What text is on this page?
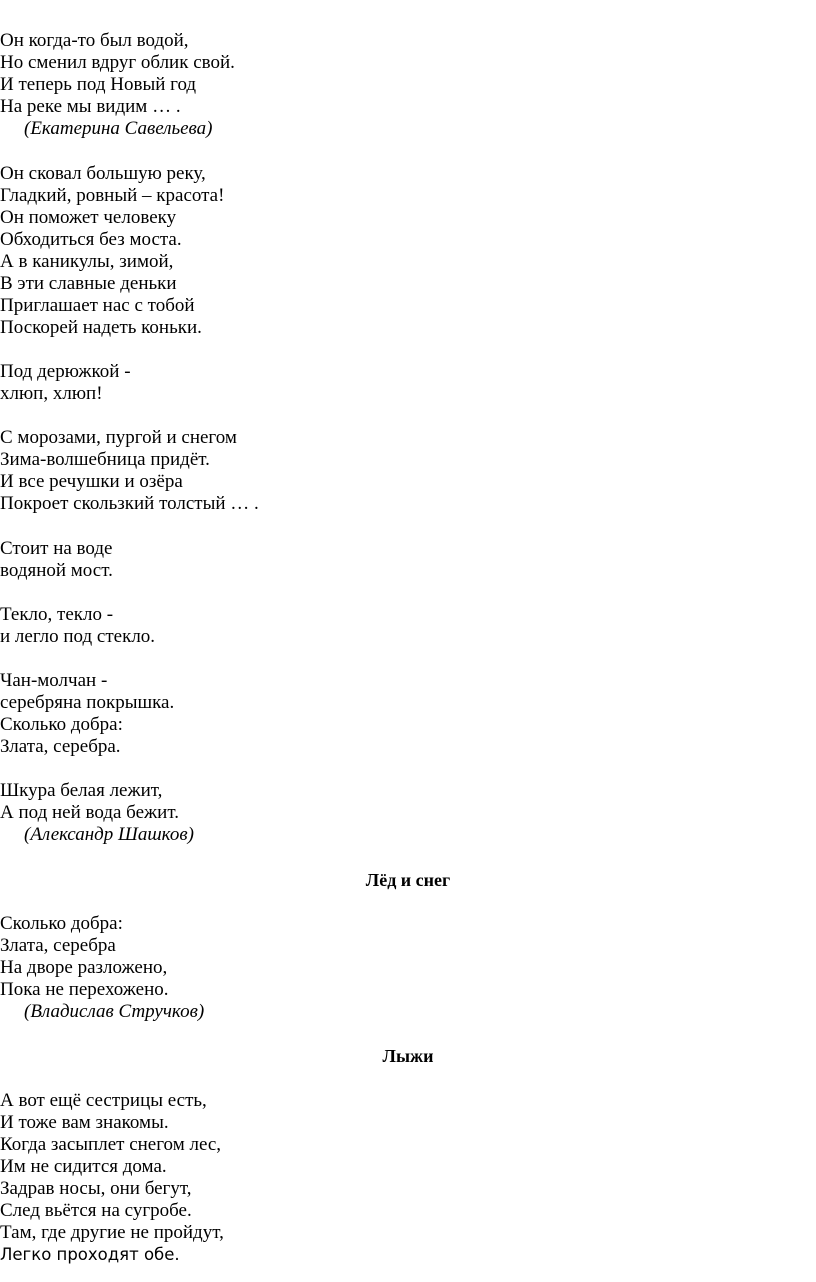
Он когда-то был водой,
Но сменил вдруг облик свой.
И теперь под Новый год
На реке мы видим … .
(Екатерина Савельева)
Он сковал большую реку,
Гладкий, ровный – красота!
Он поможет человеку
Обходиться без моста.
А в каникулы, зимой,
В эти славные деньки
Приглашает нас с тобой
Поскорей надеть коньки.
Под дерюжкой -
хлюп, хлюп!
С морозами, пургой и снегом
Зима-волшебница придёт.
И все речушки и озёра
Покроет скользкий толстый … .
Стоит на воде
водяной мост.
Текло, текло -
и легло под стекло.
Чан-молчан -
серебряна покрышка.
Сколько добра:
Злата, серебра.
Шкура белая лежит,
А под ней вода бежит.
(Александр Шашков)
Лёд и снег
Сколько добра:
Злата, серебра
На дворе разложено,
Пока не перехожено.
(Владислав Стручков)
Лыжи
А вот ещё сестрицы есть,
И тоже вам знакомы.
Когда засыплет снегом лес,
Им не сидится дома.
Задрав носы, они бегут,
След вьётся на сугробе.
Там, где другие не пройдут,
Легко проходят обе.
